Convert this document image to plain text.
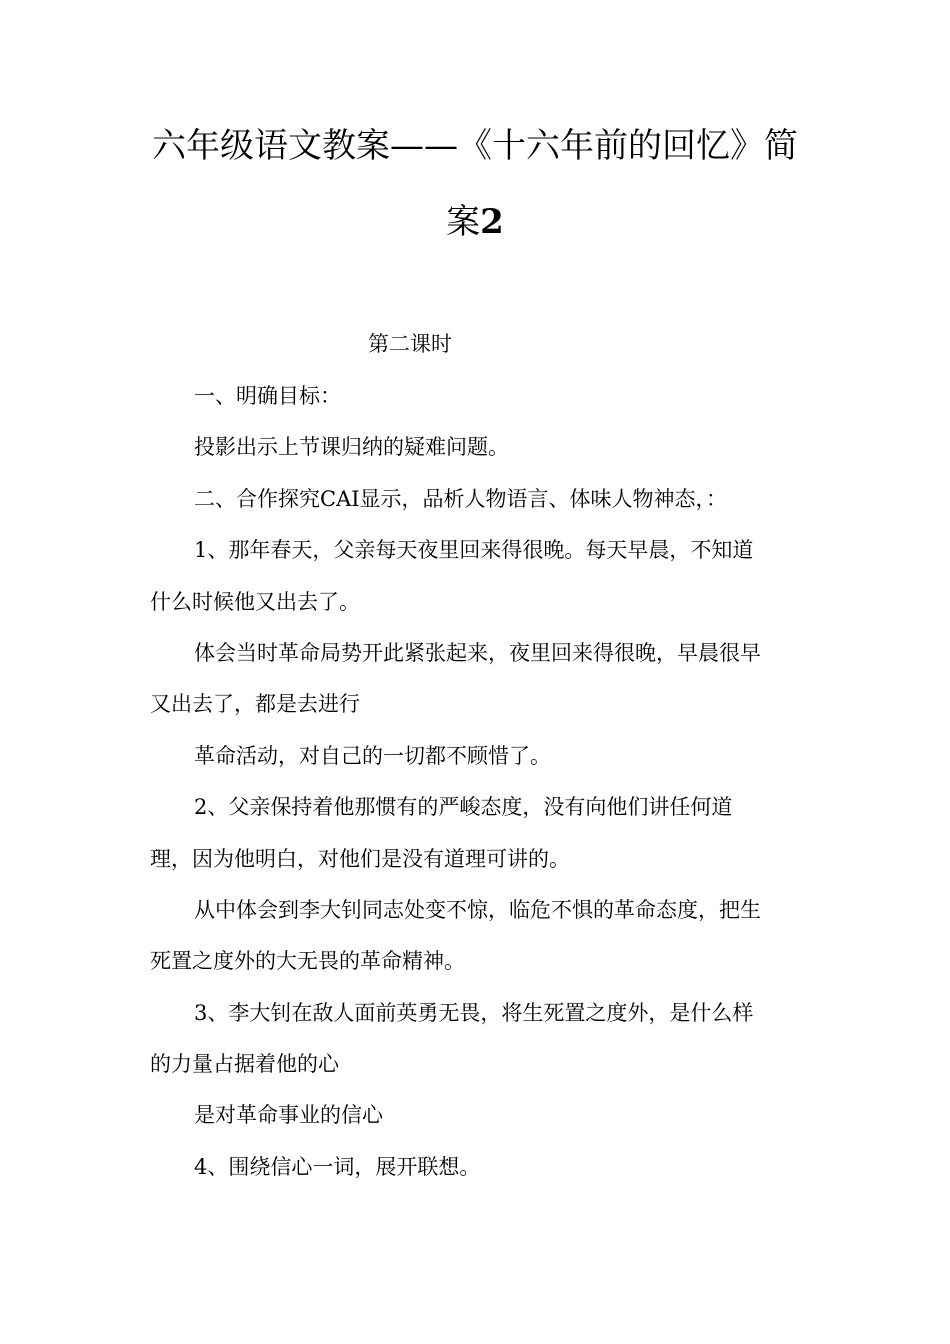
六年级语文教案——《十六年前的回忆》简
案2
第二课时
一、明确目标：
投影出示上节课归纳的疑难问题。
二、合作探究CAI显示，品析人物语言、体味人物神态，：
1、那年春天，父亲每天夜里回来得很晚。每天早晨，不知道
什么时候他又出去了。
体会当时革命局势开此紧张起来，夜里回来得很晚，早晨很早
又出去了，都是去进行
革命活动，对自己的一切都不顾惜了。
2、父亲保持着他那惯有的严峻态度，没有向他们讲任何道
理，因为他明白，对他们是没有道理可讲的。
从中体会到李大钊同志处变不惊，临危不惧的革命态度，把生
死置之度外的大无畏的革命精神。
3、李大钊在敌人面前英勇无畏，将生死置之度外，是什么样
的力量占据着他的心
是对革命事业的信心
4、围绕信心一词，展开联想。
